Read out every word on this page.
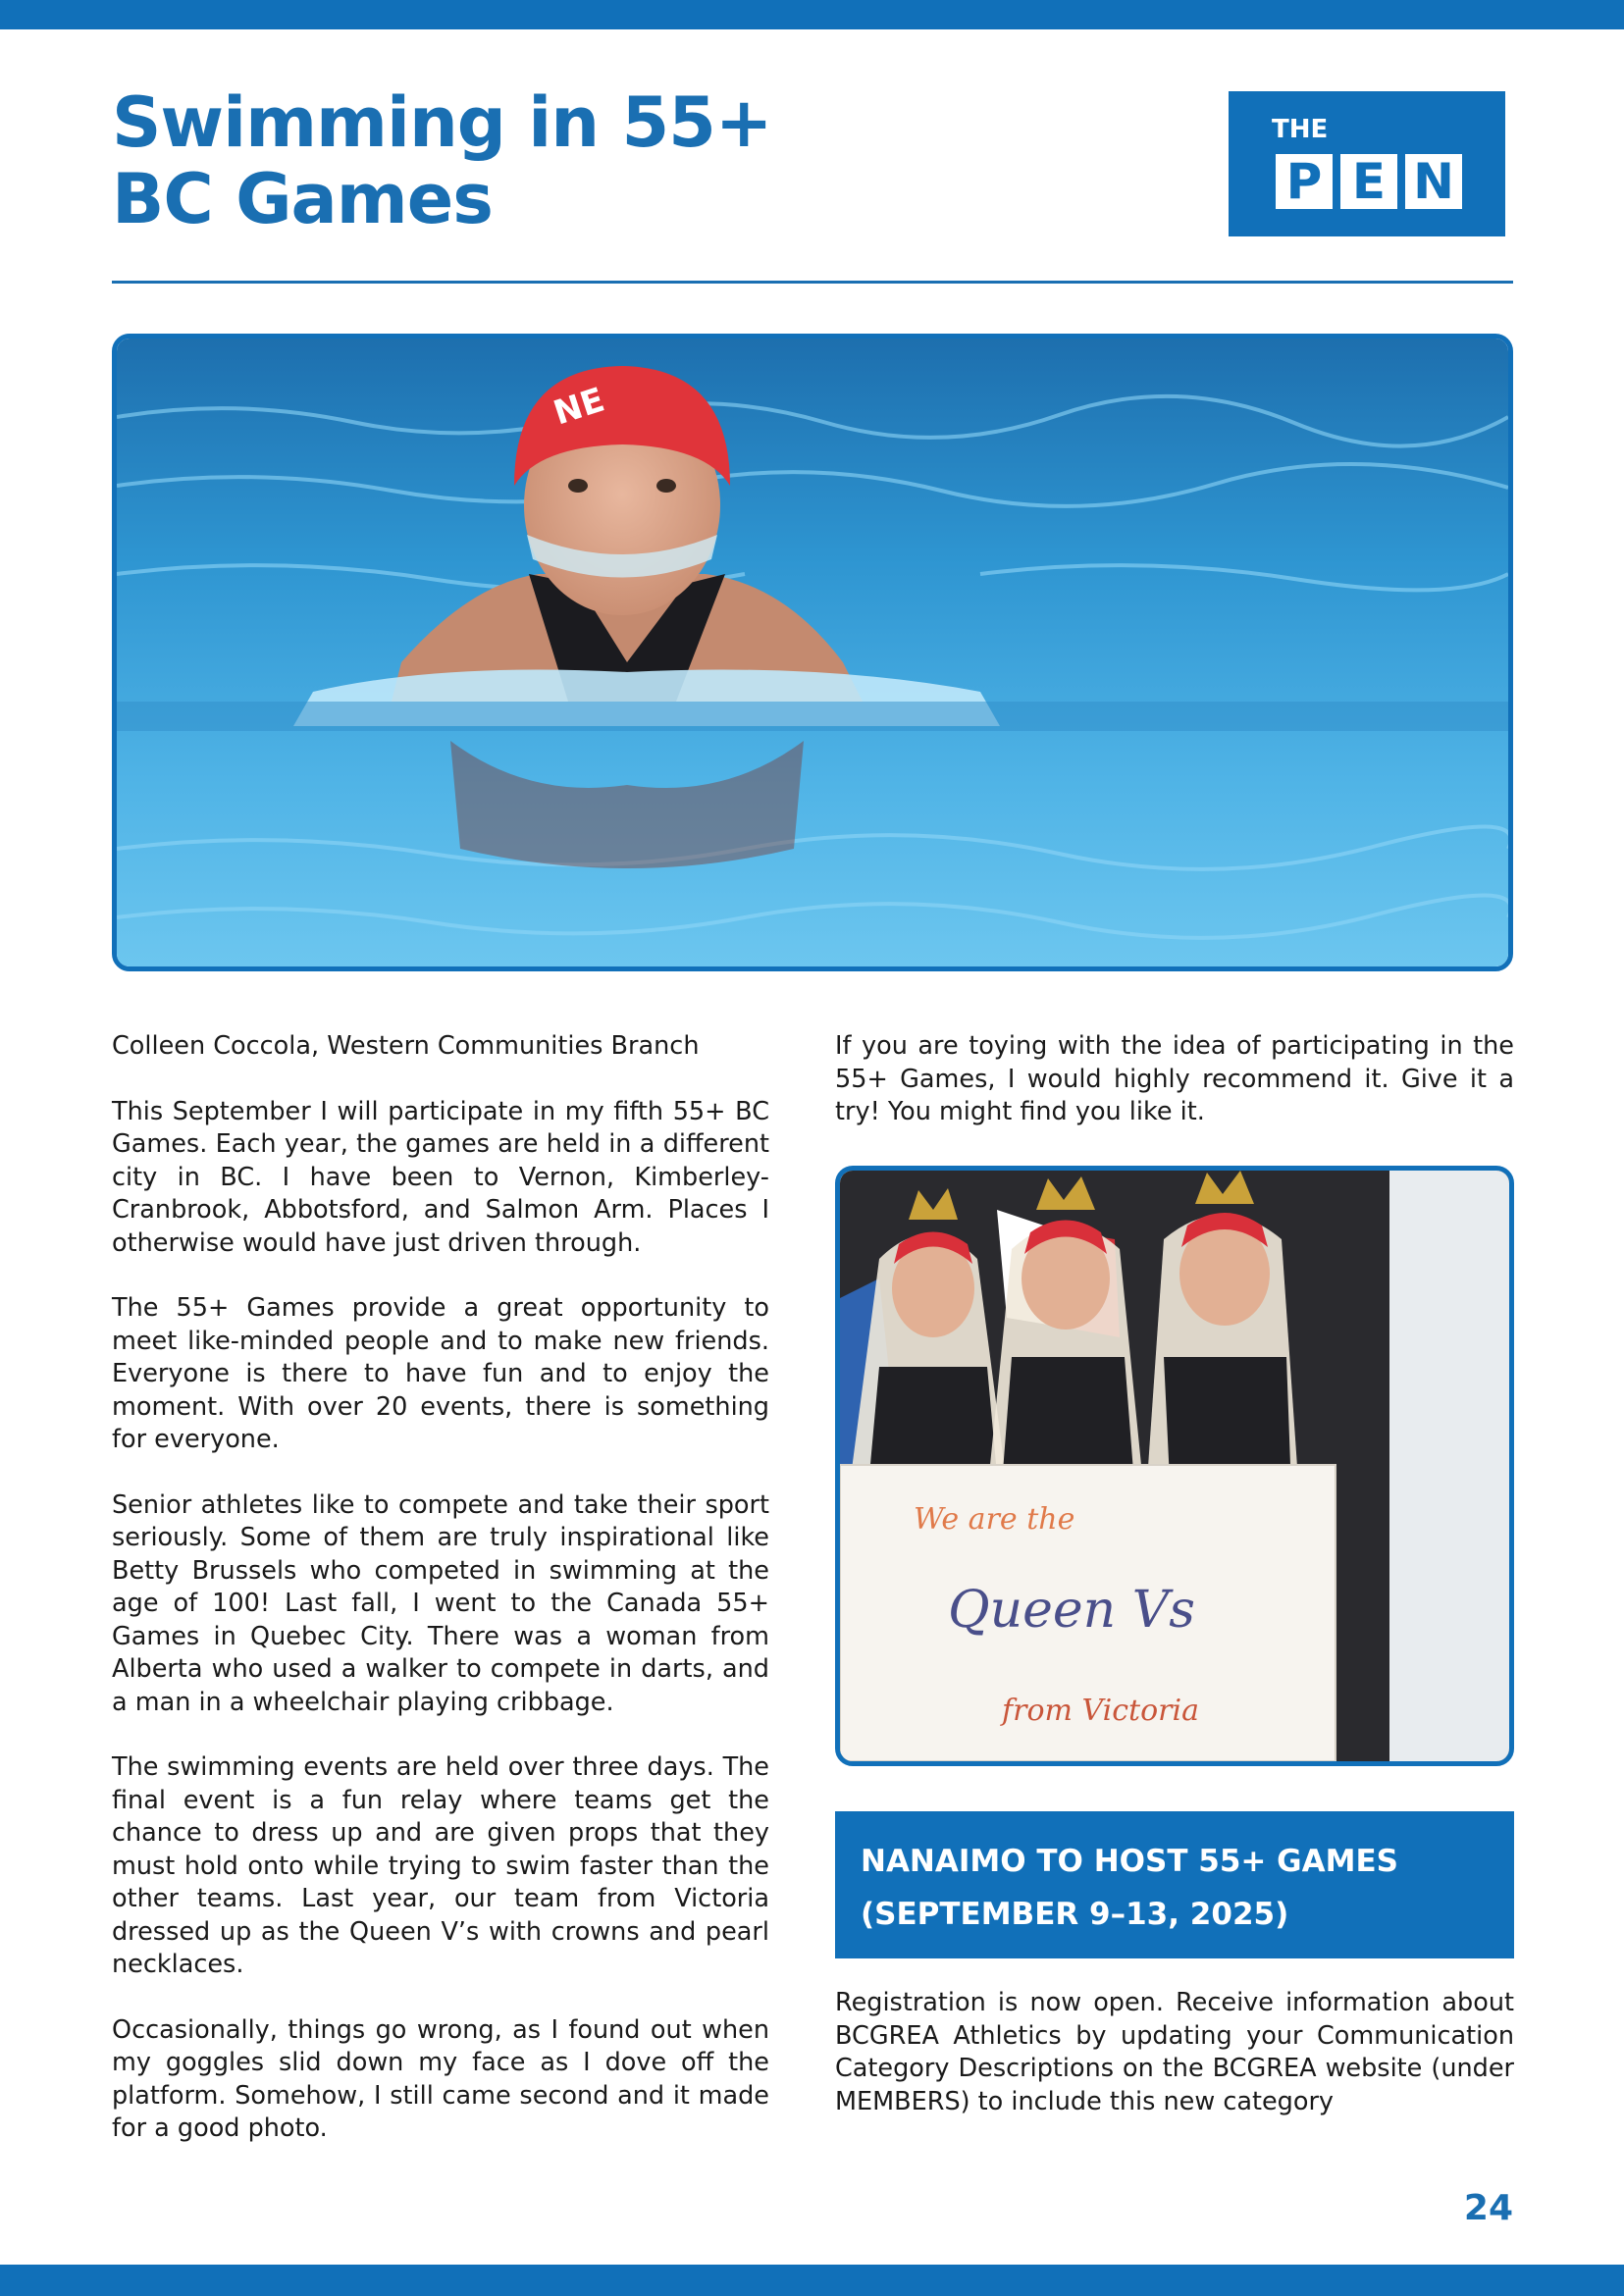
Swimming in 55+ BC Games
THE
P E N
NE

Colleen Coccola, Western Communities Branch

This September I will participate in my fifth 55+ BC Games. Each year, the games are held in a different city in BC. I have been to Vernon, Kimberley-Cranbrook, Abbotsford, and Salmon Arm. Places I otherwise would have just driven through.

The 55+ Games provide a great opportunity to meet like-minded people and to make new friends. Everyone is there to have fun and to enjoy the moment. With over 20 events, there is something for everyone.

Senior athletes like to compete and take their sport seriously. Some of them are truly inspirational like Betty Brussels who competed in swimming at the age of 100! Last fall, I went to the Canada 55+ Games in Quebec City. There was a woman from Alberta who used a walker to compete in darts, and a man in a wheelchair playing cribbage.

The swimming events are held over three days. The final event is a fun relay where teams get the chance to dress up and are given props that they must hold onto while trying to swim faster than the other teams. Last year, our team from Victoria dressed up as the Queen V’s with crowns and pearl necklaces.

Occasionally, things go wrong, as I found out when my goggles slid down my face as I dove off the platform. Somehow, I still came second and it made for a good photo.

If you are toying with the idea of participating in the 55+ Games, I would highly recommend it. Give it a try! You might find you like it.

We are the
Queen Vs
from Victoria
NANAIMO TO HOST 55+ GAMES
(SEPTEMBER 9–13, 2025)

Registration is now open. Receive information about BCGREA Athletics by updating your Communication Category Descriptions on the BCGREA website (under MEMBERS) to include this new category

24
